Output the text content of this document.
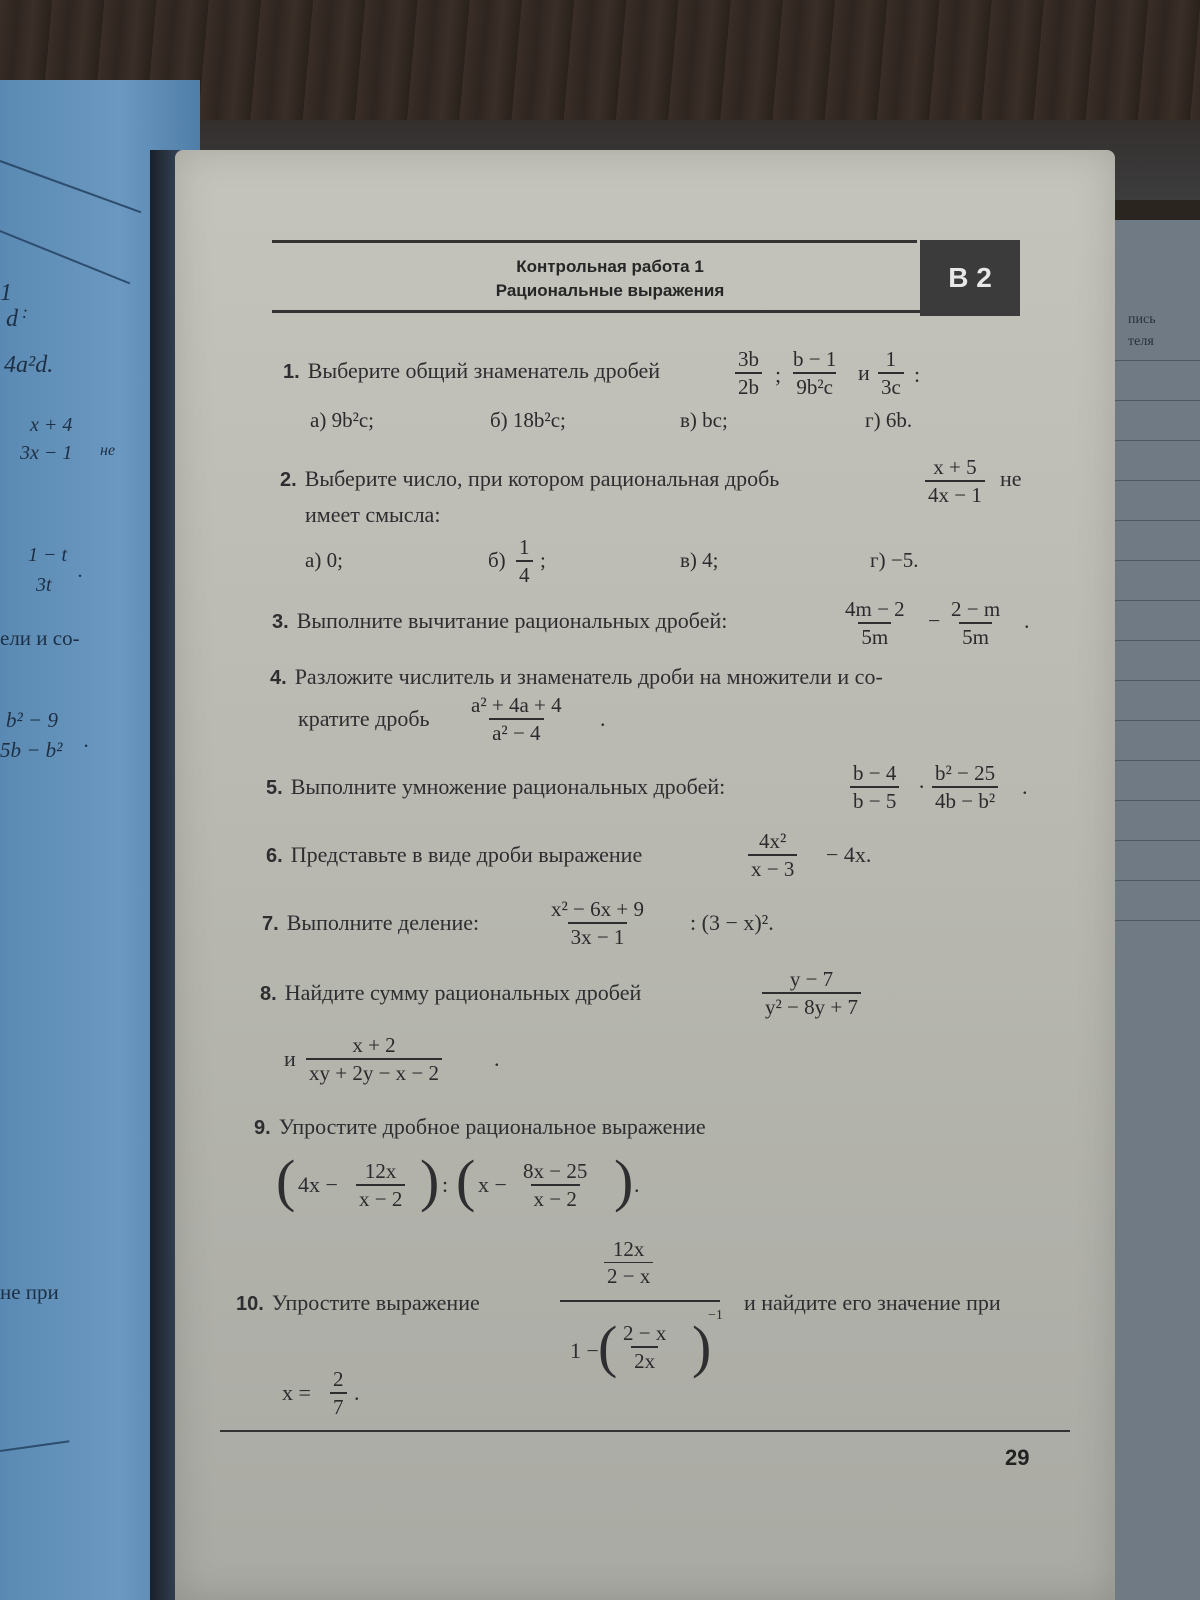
1
d :
4a²d.
x + 4
3x − 1 не
1 − t
3t
.
ели и со-
b² − 9
5b − b² .
не при
пись
теля
Контрольная работа 1
Рациональные выражения	B 2
1. Выберите общий знаменатель дробей	$\frac{3b}{2b}$ ; $\frac{b - 1}{\text{9b²c}}$ и $\frac{1}{3c}$ :
а) 9b²c;	б) 18b²c;	в) bc;	г) 6b.
2. Выберите число, при котором рациональная дробь	$\frac{x + 5}{4x - 1}$ не
имеет смысла:
а) 0;	$б) \frac{1}{4}$ ;	в) 4;	г) −5.
3. Выполните вычитание рациональных дробей:	$\frac{4m - 2}{5m} - \frac{2 - m}{5m}$ .
4. Разложите числитель и знаменатель дроби на множители и со-
кратите дробь $\frac{\text{a² + 4a + 4}}{\text{a² − 4}}$ .
5. Выполните умножение рациональных дробей:	$\frac{b - 4}{b - 5} \cdot \frac{\text{b² − 25}}{\text{4b − b²}}$ .
6. Представьте в виде дроби выражение	$\frac{\text{4x²}}{x - 3} - 4x$.
7. Выполните деление:	$\frac{\text{x² − 6x + 9}}{3x - 1}$ : (3 − x)².
8. Найдите сумму рациональных дробей	$\frac{y - 7}{\text{y² − 8y + 7}}$
и $\frac{x + 2}{xy + 2y - x - 2}$ .
9. Упростите дробное рациональное выражение
( $4x - \frac{12x}{x - 2}$ ) : ( $x - \frac{8x - 25}{x - 2}$ ) .
10. Упростите выражение
$\frac{12x}{2 - x}$
1 − ( $\frac{2 - x}{2x}$ )
−1
и найдите его значение при
$x = \frac{2}{7}$ .
29
